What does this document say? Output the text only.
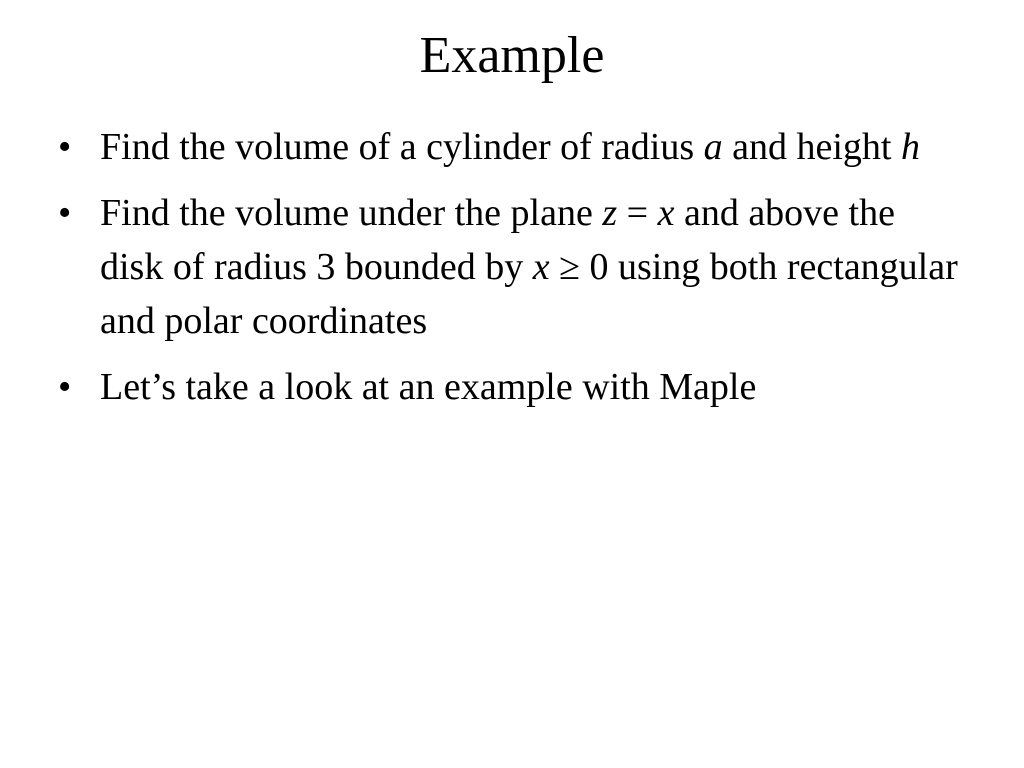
Example
• Find the volume of a cylinder of radius a and height h
• Find the volume under the plane z = x and above the disk of radius 3 bounded by x ≥ 0 using both rectangular and polar coordinates
• Let’s take a look at an example with Maple
